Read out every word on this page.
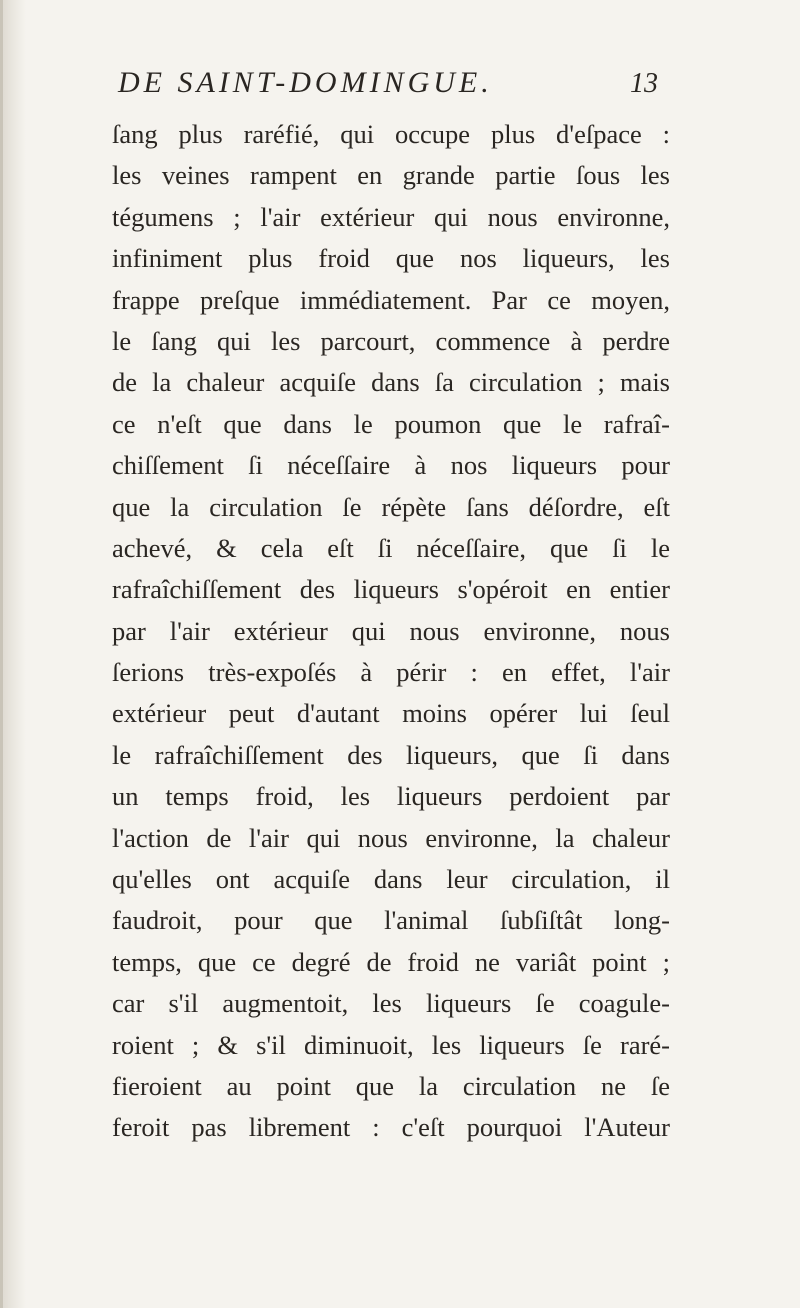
DE SAINT-DOMINGUE.	13
ſang plus raréfié, qui occupe plus d'eſpace :
les veines rampent en grande partie ſous les
tégumens ; l'air extérieur qui nous environne,
infiniment plus froid que nos liqueurs, les
frappe preſque immédiatement. Par ce moyen,
le ſang qui les parcourt, commence à perdre
de la chaleur acquiſe dans ſa circulation ; mais
ce n'eſt que dans le poumon que le rafraî-
chiſſement ſi néceſſaire à nos liqueurs pour
que la circulation ſe répète ſans déſordre, eſt
achevé, & cela eſt ſi néceſſaire, que ſi le
rafraîchiſſement des liqueurs s'opéroit en entier
par l'air extérieur qui nous environne, nous
ſerions très-expoſés à périr : en effet, l'air
extérieur peut d'autant moins opérer lui ſeul
le rafraîchiſſement des liqueurs, que ſi dans
un temps froid, les liqueurs perdoient par
l'action de l'air qui nous environne, la chaleur
qu'elles ont acquiſe dans leur circulation, il
faudroit, pour que l'animal ſubſiſtât long-
temps, que ce degré de froid ne variât point ;
car s'il augmentoit, les liqueurs ſe coagule-
roient ; & s'il diminuoit, les liqueurs ſe raré-
fieroient au point que la circulation ne ſe
feroit pas librement : c'eſt pourquoi l'Auteur
